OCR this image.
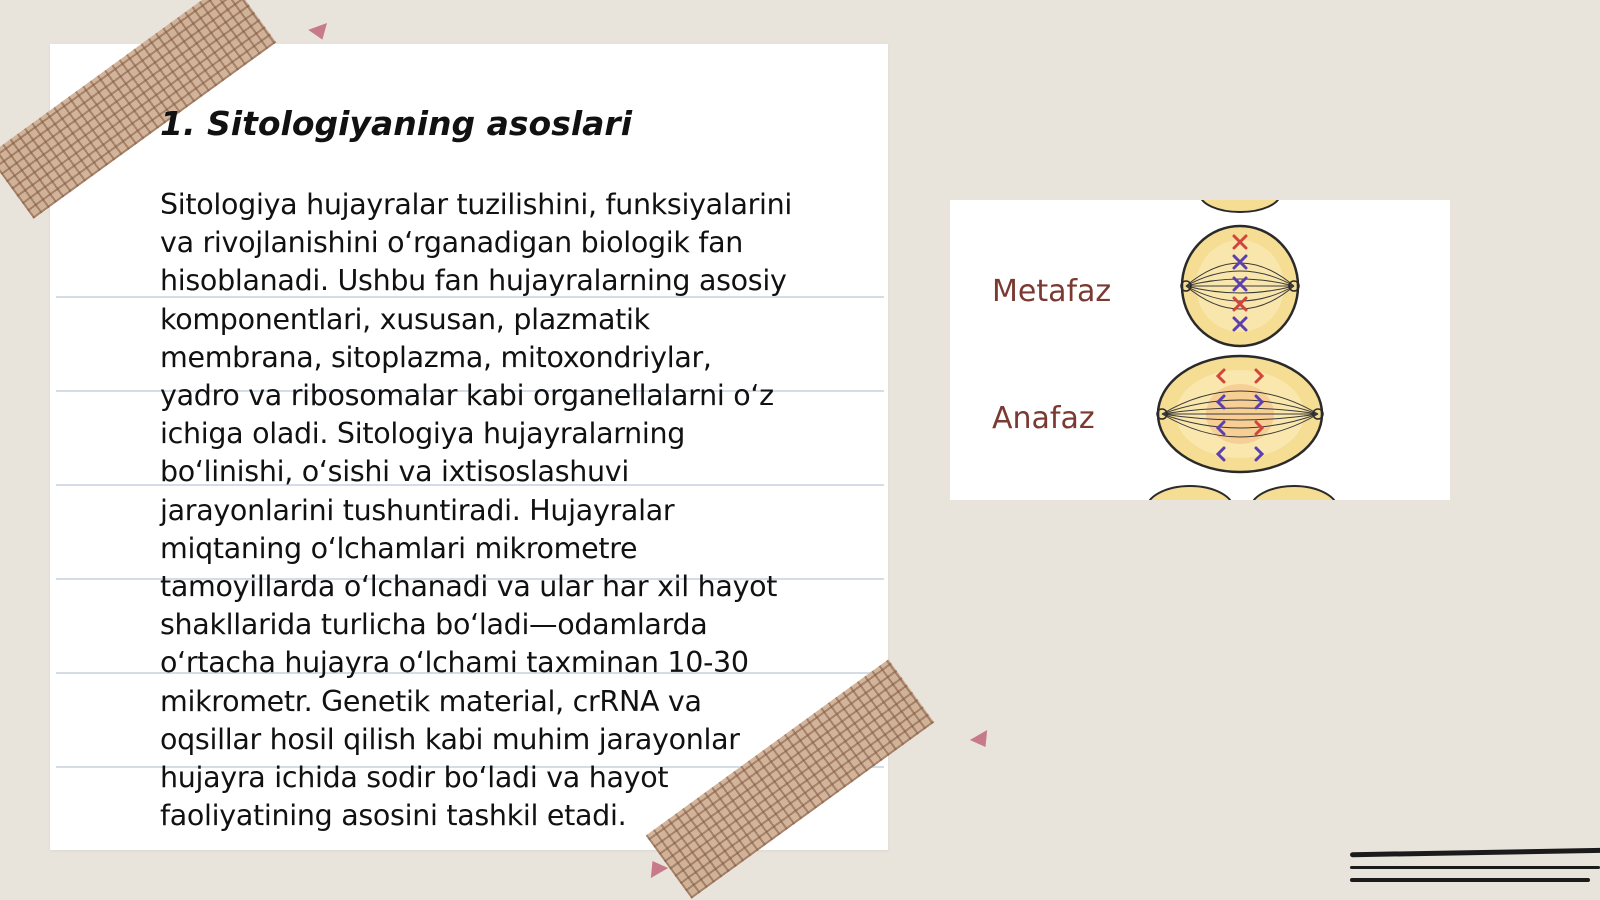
1. Sitologiyaning asoslari

Sitologiya hujayralar tuzilishini, funksiyalarini
va rivojlanishini o‘rganadigan biologik fan
hisoblanadi. Ushbu fan hujayralarning asosiy
komponentlari, xususan, plazmatik
membrana, sitoplazma, mitoxondriylar,
yadro va ribosomalar kabi organellalarni o‘z
ichiga oladi. Sitologiya hujayralarning
bo‘linishi, o‘sishi va ixtisoslashuvi
jarayonlarini tushuntiradi. Hujayralar
miqtaning o‘lchamlari mikrometre
tamoyillarda o‘lchanadi va ular har xil hayot
shakllarida turlicha bo‘ladi—odamlarda
o‘rtacha hujayra o‘lchami taxminan 10-30
mikrometr. Genetik material, crRNA va
oqsillar hosil qilish kabi muhim jarayonlar
hujayra ichida sodir bo‘ladi va hayot
faoliyatining asosini tashkil etadi.

Metafaz
Anafaz
